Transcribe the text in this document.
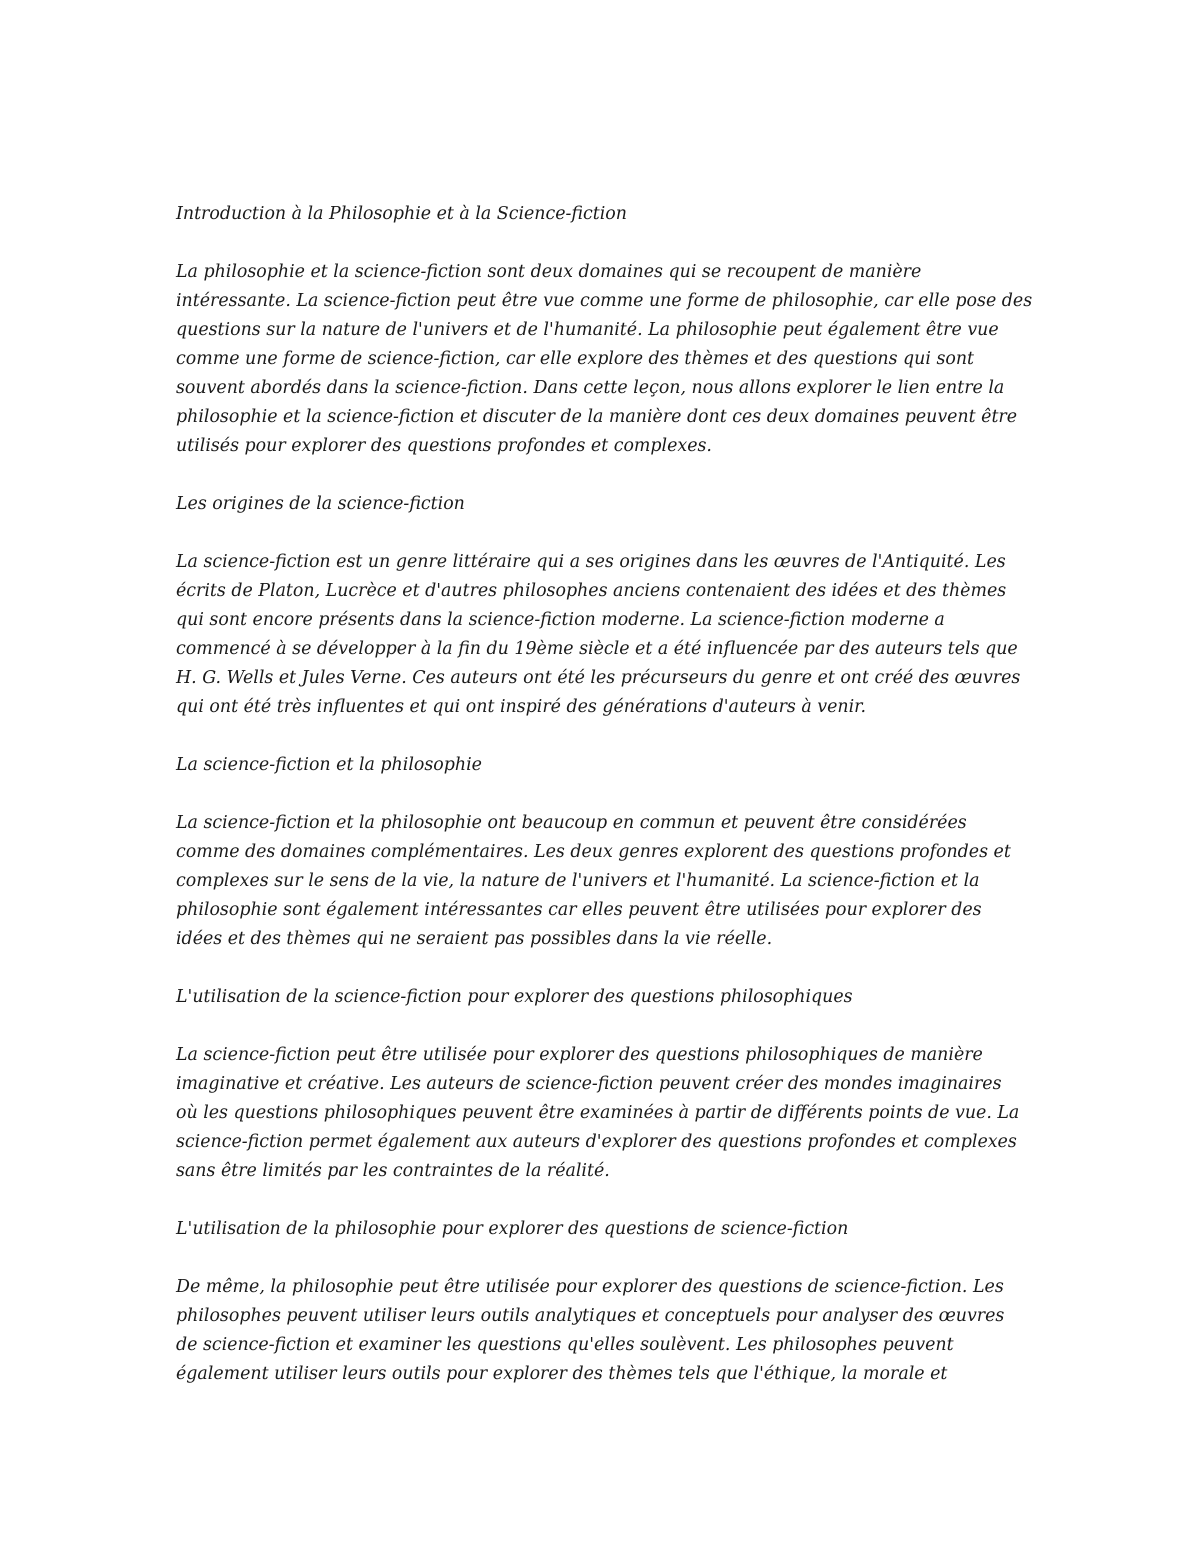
Introduction à la Philosophie et à la Science-fiction
La philosophie et la science-fiction sont deux domaines qui se recoupent de manière
intéressante. La science-fiction peut être vue comme une forme de philosophie, car elle pose des
questions sur la nature de l'univers et de l'humanité. La philosophie peut également être vue
comme une forme de science-fiction, car elle explore des thèmes et des questions qui sont
souvent abordés dans la science-fiction. Dans cette leçon, nous allons explorer le lien entre la
philosophie et la science-fiction et discuter de la manière dont ces deux domaines peuvent être
utilisés pour explorer des questions profondes et complexes.
Les origines de la science-fiction
La science-fiction est un genre littéraire qui a ses origines dans les œuvres de l'Antiquité. Les
écrits de Platon, Lucrèce et d'autres philosophes anciens contenaient des idées et des thèmes
qui sont encore présents dans la science-fiction moderne. La science-fiction moderne a
commencé à se développer à la fin du 19ème siècle et a été influencée par des auteurs tels que
H. G. Wells et Jules Verne. Ces auteurs ont été les précurseurs du genre et ont créé des œuvres
qui ont été très influentes et qui ont inspiré des générations d'auteurs à venir.
La science-fiction et la philosophie
La science-fiction et la philosophie ont beaucoup en commun et peuvent être considérées
comme des domaines complémentaires. Les deux genres explorent des questions profondes et
complexes sur le sens de la vie, la nature de l'univers et l'humanité. La science-fiction et la
philosophie sont également intéressantes car elles peuvent être utilisées pour explorer des
idées et des thèmes qui ne seraient pas possibles dans la vie réelle.
L'utilisation de la science-fiction pour explorer des questions philosophiques
La science-fiction peut être utilisée pour explorer des questions philosophiques de manière
imaginative et créative. Les auteurs de science-fiction peuvent créer des mondes imaginaires
où les questions philosophiques peuvent être examinées à partir de différents points de vue. La
science-fiction permet également aux auteurs d'explorer des questions profondes et complexes
sans être limités par les contraintes de la réalité.
L'utilisation de la philosophie pour explorer des questions de science-fiction
De même, la philosophie peut être utilisée pour explorer des questions de science-fiction. Les
philosophes peuvent utiliser leurs outils analytiques et conceptuels pour analyser des œuvres
de science-fiction et examiner les questions qu'elles soulèvent. Les philosophes peuvent
également utiliser leurs outils pour explorer des thèmes tels que l'éthique, la morale et
